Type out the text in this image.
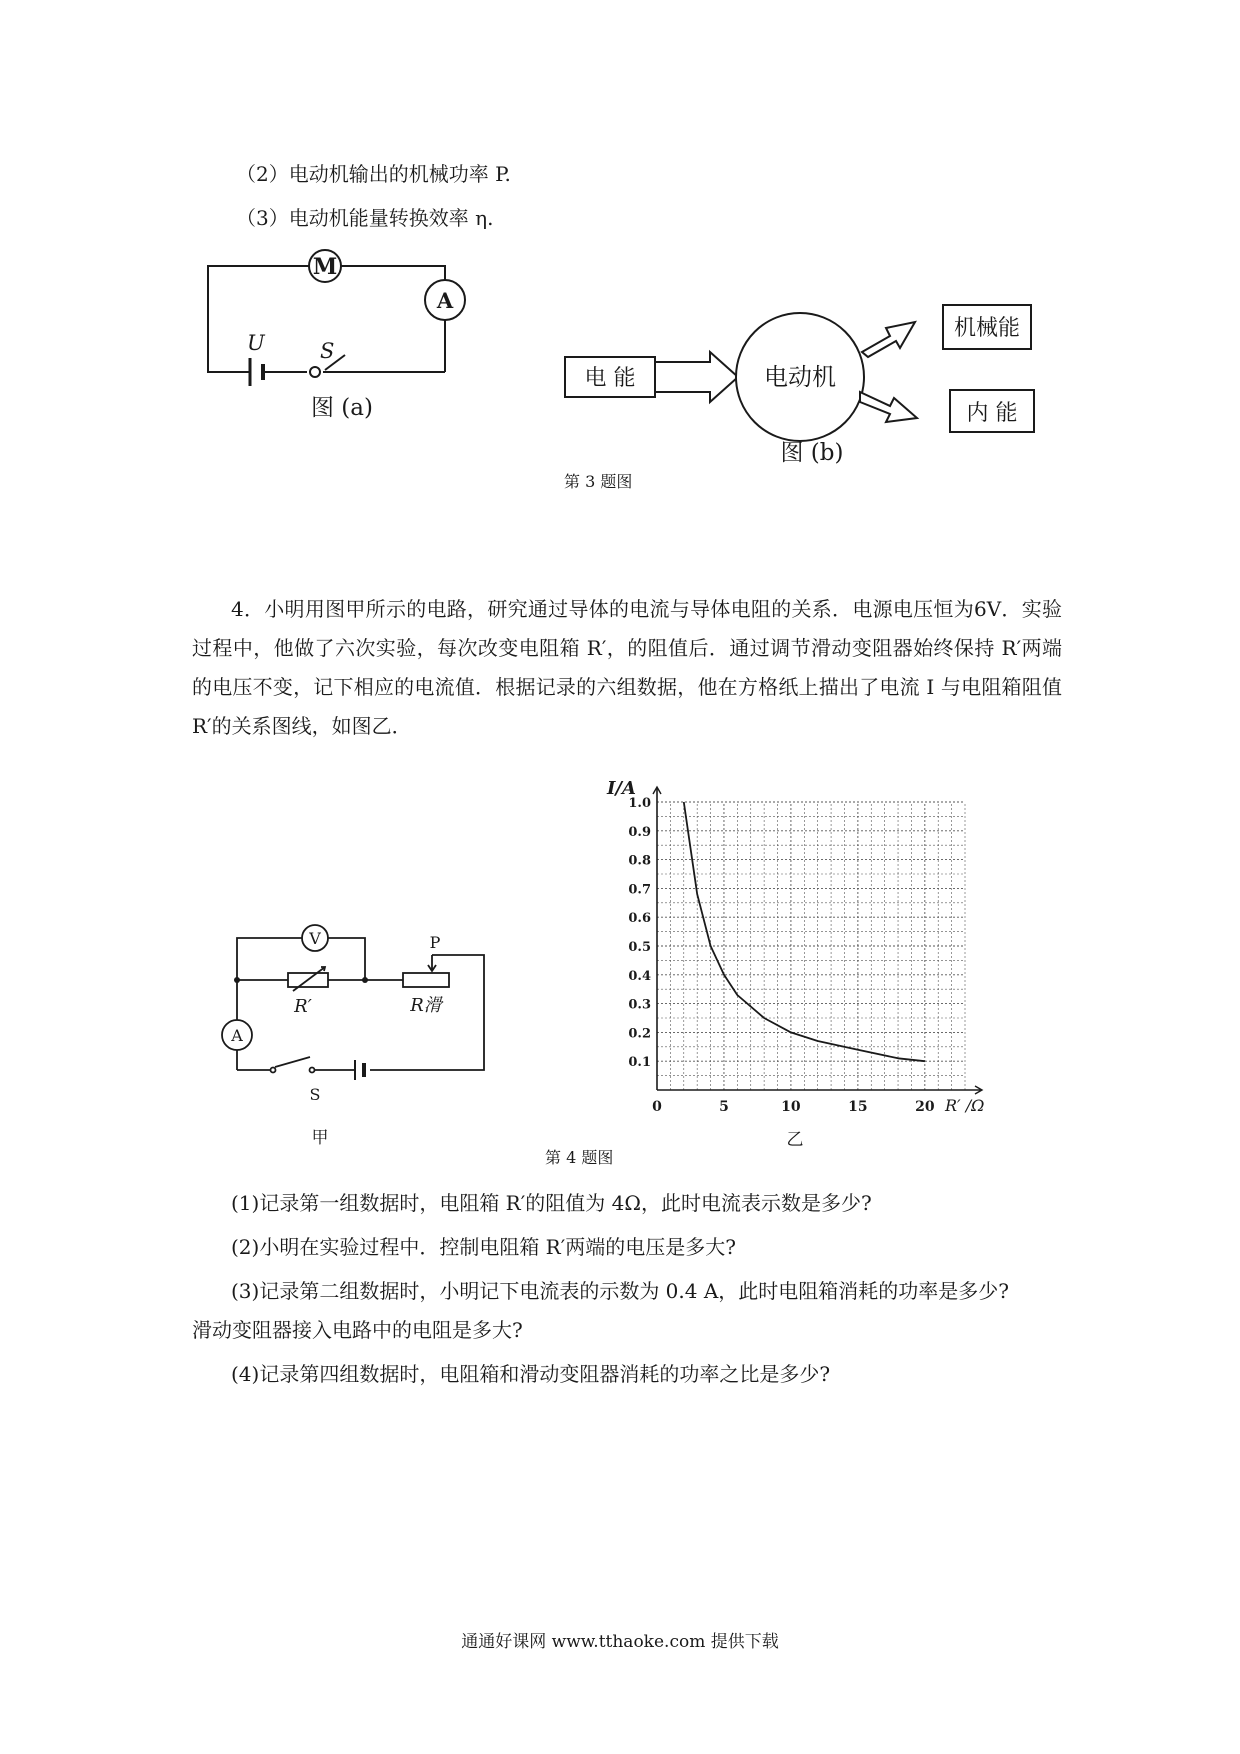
（2）电动机输出的机械功率 P.
（3）电动机能量转换效率 η.
M
A
U	S
图 (a)
电 能	电动机
机械能
内 能
图 (b)
第 3 题图
4．小明用图甲所示的电路，研究通过导体的电流与导体电阻的关系．电源电压恒为6V．实验过程中，他做了六次实验，每次改变电阻箱 R′，的阻值后．通过调节滑动变阻器始终保持 R′两端的电压不变，记下相应的电流值．根据记录的六组数据，他在方格纸上描出了电流 I 与电阻箱阻值 R′的关系图线，如图乙．
V
A
R′	R滑
P
S
甲
0	5	10	15	20
0.1
0.2
0.3
0.4
0.5
0.6
0.7
0.8
0.9
1.0
I/A
R′ /Ω
乙
第 4 题图
(1)记录第一组数据时，电阻箱 R′的阻值为 4Ω，此时电流表示数是多少?
(2)小明在实验过程中．控制电阻箱 R′两端的电压是多大?
(3)记录第二组数据时，小明记下电流表的示数为 0.4 A，此时电阻箱消耗的功率是多少?
滑动变阻器接入电路中的电阻是多大?
(4)记录第四组数据时，电阻箱和滑动变阻器消耗的功率之比是多少?
通通好课网 www.tthaoke.com 提供下载
